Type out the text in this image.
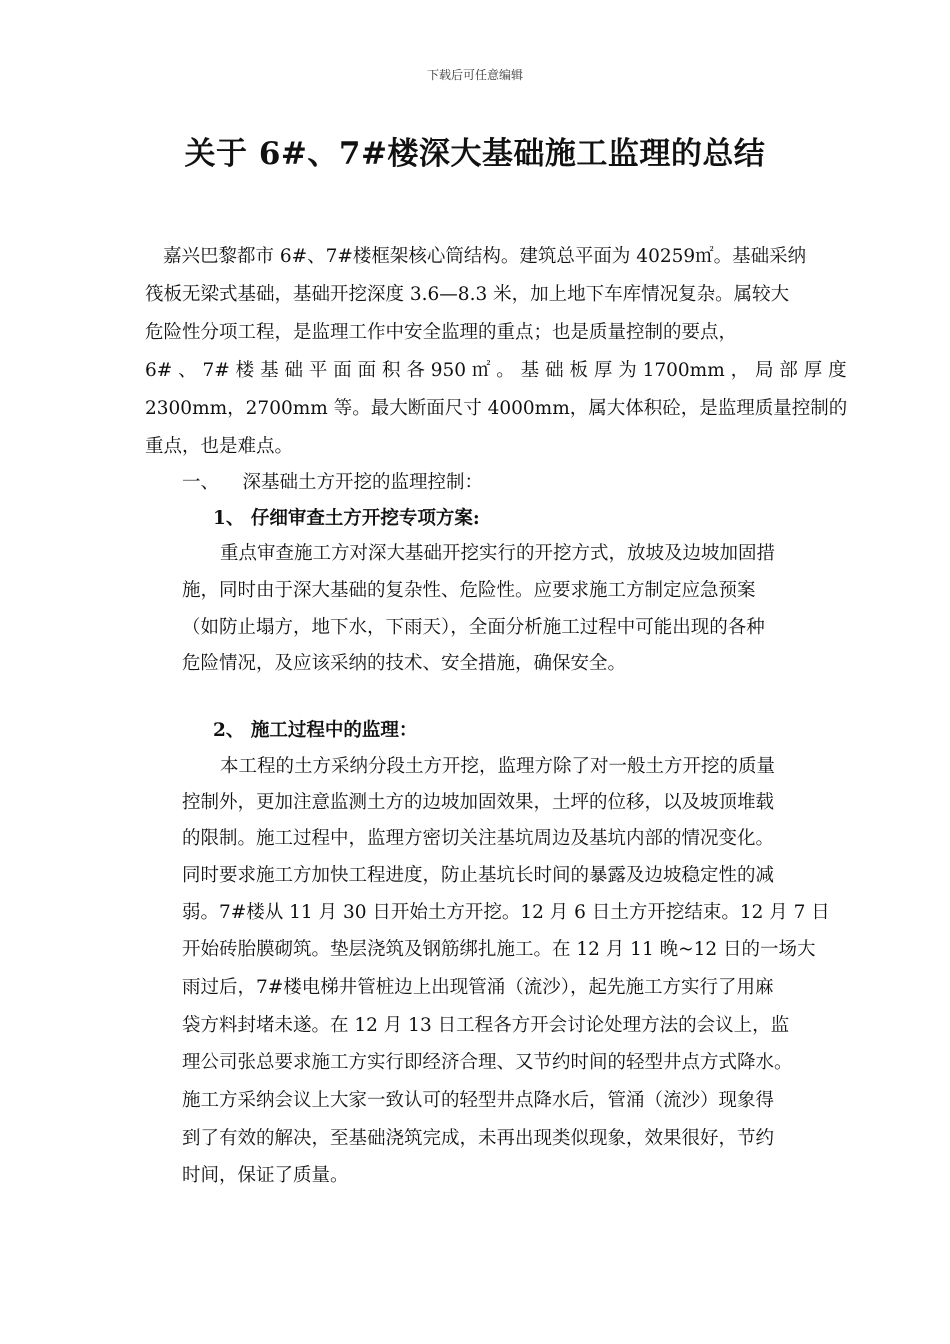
下载后可任意编辑
关于 6#、7#楼深大基础施工监理的总结
嘉兴巴黎都市 6#、7#楼框架核心筒结构。建筑总平面为 40259㎡。基础采纳
筏板无梁式基础，基础开挖深度 3.6—8.3 米，加上地下车库情况复杂。属较大
危险性分项工程，是监理工作中安全监理的重点；也是质量控制的要点，
6# 、 7# 楼 基 础 平 面 面 积 各 950 ㎡ 。 基 础 板 厚 为 1700mm ， 局 部 厚 度
2300mm，2700mm 等。最大断面尺寸 4000mm，属大体积砼，是监理质量控制的
重点，也是难点。
一、    深基础土方开挖的监理控制：
1、 仔细审查土方开挖专项方案:
重点审查施工方对深大基础开挖实行的开挖方式，放坡及边坡加固措
施，同时由于深大基础的复杂性、危险性。应要求施工方制定应急预案
（如防止塌方，地下水，下雨天），全面分析施工过程中可能出现的各种
危险情况，及应该采纳的技术、安全措施，确保安全。
2、 施工过程中的监理：
本工程的土方采纳分段土方开挖，监理方除了对一般土方开挖的质量
控制外，更加注意监测土方的边坡加固效果，土坪的位移，以及坡顶堆载
的限制。施工过程中，监理方密切关注基坑周边及基坑内部的情况变化。
同时要求施工方加快工程进度，防止基坑长时间的暴露及边坡稳定性的减
弱。7#楼从 11 月 30 日开始土方开挖。12 月 6 日土方开挖结束。12 月 7 日
开始砖胎膜砌筑。垫层浇筑及钢筋绑扎施工。在 12 月 11 晚~12 日的一场大
雨过后，7#楼电梯井管桩边上出现管涌（流沙），起先施工方实行了用麻
袋方料封堵未遂。在 12 月 13 日工程各方开会讨论处理方法的会议上，监
理公司张总要求施工方实行即经济合理、又节约时间的轻型井点方式降水。
施工方采纳会议上大家一致认可的轻型井点降水后，管涌（流沙）现象得
到了有效的解决，至基础浇筑完成，未再出现类似现象，效果很好，节约
时间，保证了质量。
